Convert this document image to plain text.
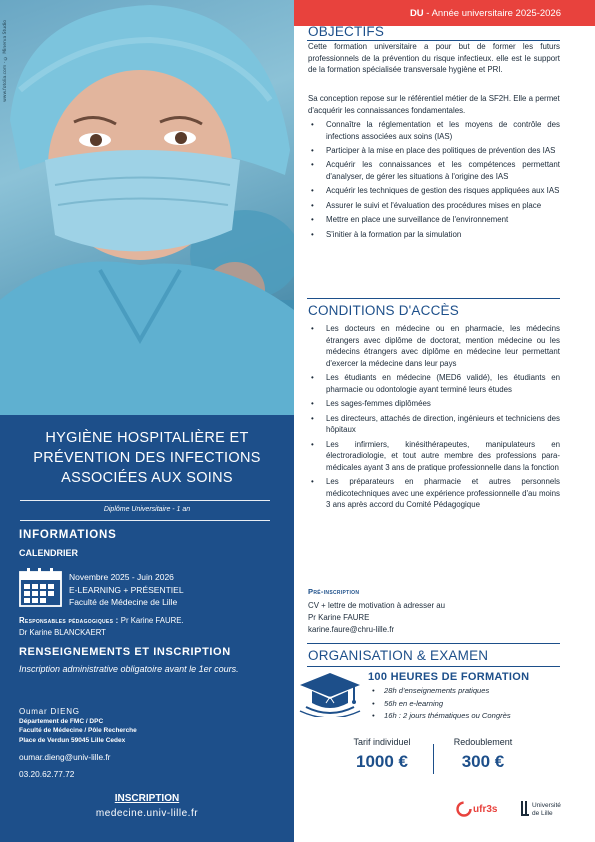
www.fotolia.com - © Minerva Studio
HYGIÈNE HOSPITALIÈRE ET
PRÉVENTION DES INFECTIONS
ASSOCIÉES AUX SOINS
Diplôme Universitaire - 1 an
INFORMATIONS
CALENDRIER
Novembre 2025 - Juin 2026
E-LEARNING + PRÉSENTIEL
Faculté de Médecine de Lille
Responsables pédagogiques : Pr Karine FAURE.
Dr Karine BLANCKAERT
RENSEIGNEMENTS ET INSCRIPTION
Inscription administrative obligatoire avant le 1er cours.
Oumar DIENG
Département de FMC / DPC
Faculté de Médecine / Pôle Recherche
Place de Verdun 59045 Lille Cedex
oumar.dieng@univ-lille.fr
03.20.62.77.72
INSCRIPTION
medecine.univ-lille.fr
DU - Année universitaire 2025-2026
OBJECTIFS
Cette formation universitaire a pour but de former les futurs professionnels de la prévention du risque infectieux. elle est le support de la formation spécialisée transversale hygiène et PRI.
Sa conception repose sur le référentiel métier de la SF2H. Elle a permet d'acquérir les connaissances fondamentales.
• Connaître la réglementation et les moyens de contrôle des infections associées aux soins (IAS)
• Participer à la mise en place des politiques de prévention des IAS
• Acquérir les connaissances et les compétences permettant d'analyser, de gérer les situations à l'origine des IAS
• Acquérir les techniques de gestion des risques appliquées aux IAS
• Assurer le suivi et l'évaluation des procédures mises en place
• Mettre en place une surveillance de l'environnement
• S'initier à la formation par la simulation
CONDITIONS D'ACCÈS
• Les docteurs en médecine ou en pharmacie, les médecins étrangers avec diplôme de doctorat, mention médecine ou les médecins étrangers avec diplôme en médecine leur permettant d'exercer la médecine dans leur pays
• Les étudiants en médecine (MED6 validé), les étudiants en pharmacie ou odontologie ayant terminé leurs études
• Les sages-femmes diplômées
• Les directeurs, attachés de direction, ingénieurs et techniciens des hôpitaux
• Les infirmiers, kinésithérapeutes, manipulateurs en électroradiologie, et tout autre membre des professions para-médicales ayant 3 ans de pratique professionnelle dans la fonction
• Les préparateurs en pharmacie et autres personnels médicotechniques avec une expérience professionnelle d'au moins 3 ans après accord du Comité Pédagogique
Pré-inscription
CV + lettre de motivation à adresser au
Pr Karine FAURE
karine.faure@chru-lille.fr
ORGANISATION & EXAMEN
100 HEURES DE FORMATION
• 28h d'enseignements pratiques
• 56h en e-learning
• 16h : 2 jours thématiques ou Congrès
Tarif individuel
1000 €
Redoublement
300 €
ufr3s	Université
de Lille
